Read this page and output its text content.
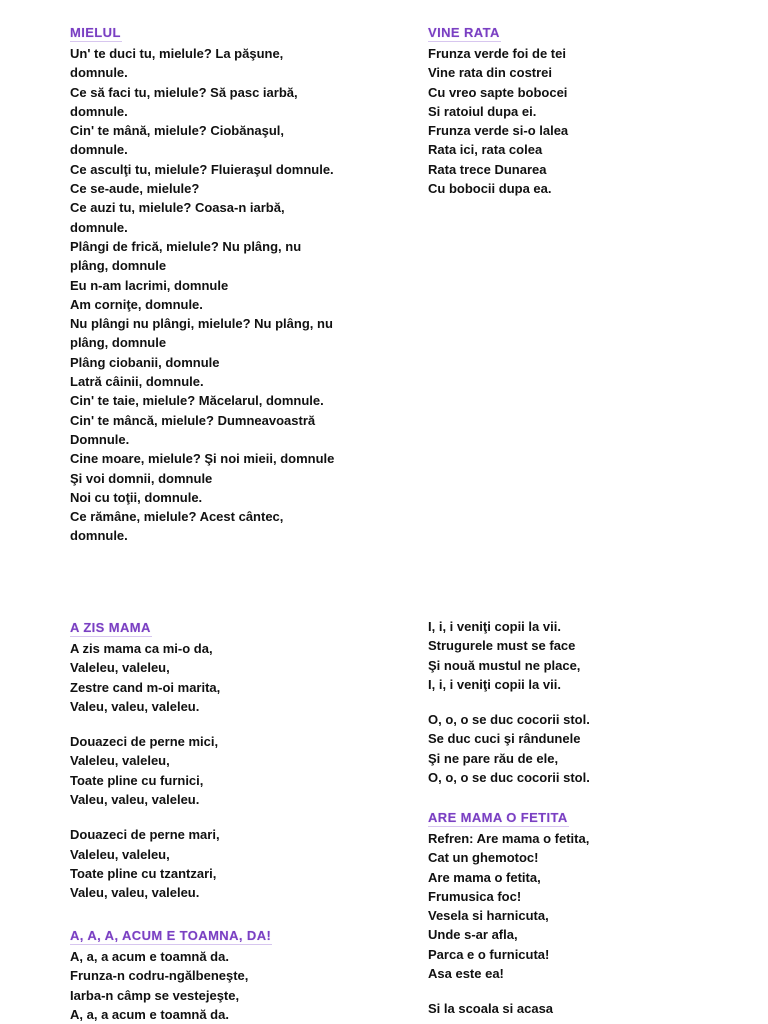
MIELUL
Un' te duci tu, mielule? La păşune,
domnule.
Ce să faci tu, mielule? Să pasc iarbă,
domnule.
Cin' te mână, mielule? Ciobănaşul,
domnule.
Ce asculţi tu, mielule? Fluieraşul domnule.
Ce se-aude, mielule?
Ce auzi tu, mielule? Coasa-n iarbă,
domnule.
Plângi de frică, mielule? Nu plâng, nu
plâng, domnule
Eu n-am lacrimi, domnule
Am corniţe, domnule.
Nu plângi nu plângi, mielule? Nu plâng, nu
plâng, domnule
Plâng ciobanii, domnule
Latră câinii, domnule.
Cin' te taie, mielule? Măcelarul, domnule.
Cin' te mâncă, mielule? Dumneavoastră
Domnule.
Cine moare, mielule? Şi noi mieii, domnule
Şi voi domnii, domnule
Noi cu toţii, domnule.
Ce rămâne, mielule? Acest cântec,
domnule.
VINE RATA
Frunza verde foi de tei
Vine rata din costrei
Cu vreo sapte bobocei
Si ratoiul dupa ei.
Frunza verde si-o lalea
Rata ici, rata colea
Rata trece Dunarea
Cu bobocii dupa ea.
A ZIS MAMA
A zis mama ca mi-o da,
Valeleu, valeleu,
Zestre cand m-oi marita,
Valeu, valeu, valeleu.
Douazeci de perne mici,
Valeleu, valeleu,
Toate pline cu furnici,
Valeu, valeu, valeleu.
Douazeci de perne mari,
Valeleu, valeleu,
Toate pline cu tzantzari,
Valeu, valeu, valeleu.
A, A, A, ACUM E TOAMNA, DA!
A, a, a acum e toamnă da.
Frunza-n codru-ngălbeneşte,
Iarba-n câmp se vestejeşte,
A, a, a acum e toamnă da.
I, i, i veniţi copii la vii.
Strugurele must se face
Şi nouă mustul ne place,
I, i, i veniţi copii la vii.
O, o, o se duc cocorii stol.
Se duc cuci şi rândunele
Şi ne pare rău de ele,
O, o, o se duc cocorii stol.
ARE MAMA O FETITA
Refren: Are mama o fetita,
Cat un ghemotoc!
Are mama o fetita,
Frumusica foc!
Vesela si harnicuta,
Unde s-ar afla,
Parca e o furnicuta!
Asa este ea!
Si la scoala si acasa
